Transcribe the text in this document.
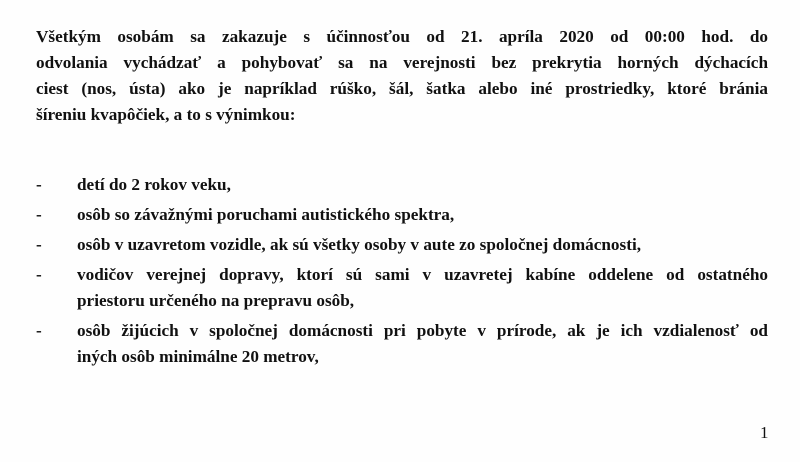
Všetkým osobám sa zakazuje s účinnosťou od 21. apríla 2020 od 00:00 hod. do
odvolania vychádzať a pohybovať sa na verejnosti bez prekrytia horných dýchacích
ciest (nos, ústa) ako je napríklad rúško, šál, šatka alebo iné prostriedky, ktoré bránia
šíreniu kvapôčiek, a to s výnimkou:

- detí do 2 rokov veku,
- osôb so závažnými poruchami autistického spektra,
- osôb v uzavretom vozidle, ak sú všetky osoby v aute zo spoločnej domácnosti,
- vodičov verejnej dopravy, ktorí sú sami v uzavretej kabíne oddelene od ostatného
priestoru určeného na prepravu osôb,
- osôb žijúcich v spoločnej domácnosti pri pobyte v prírode, ak je ich vzdialenosť od
iných osôb minimálne 20 metrov,
1
